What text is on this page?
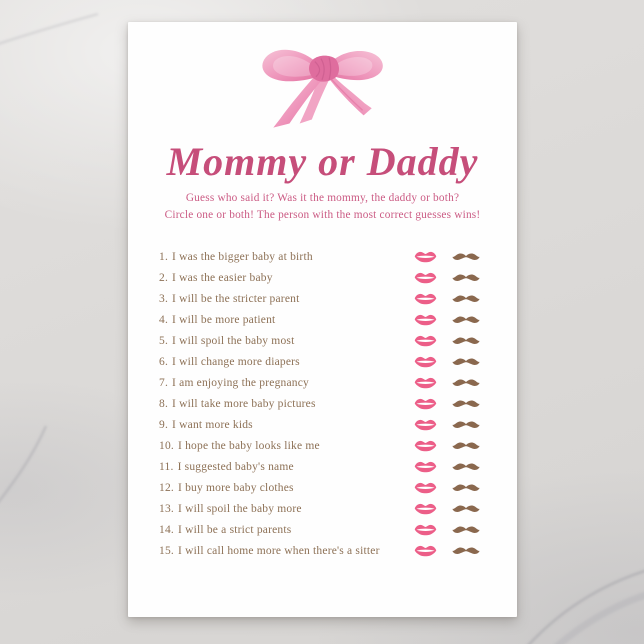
Mommy or Daddy

Guess who said it? Was it the mommy, the daddy or both?
Circle one or both! The person with the most correct guesses wins!

1. I was the bigger baby at birth
2. I was the easier baby
3. I will be the stricter parent
4. I will be more patient
5. I will spoil the baby most
6. I will change more diapers
7. I am enjoying the pregnancy
8. I will take more baby pictures
9. I want more kids
10. I hope the baby looks like me
11. I suggested baby's name
12. I buy more baby clothes
13. I will spoil the baby more
14. I will be a strict parents
15. I will call home more when there's a sitter
